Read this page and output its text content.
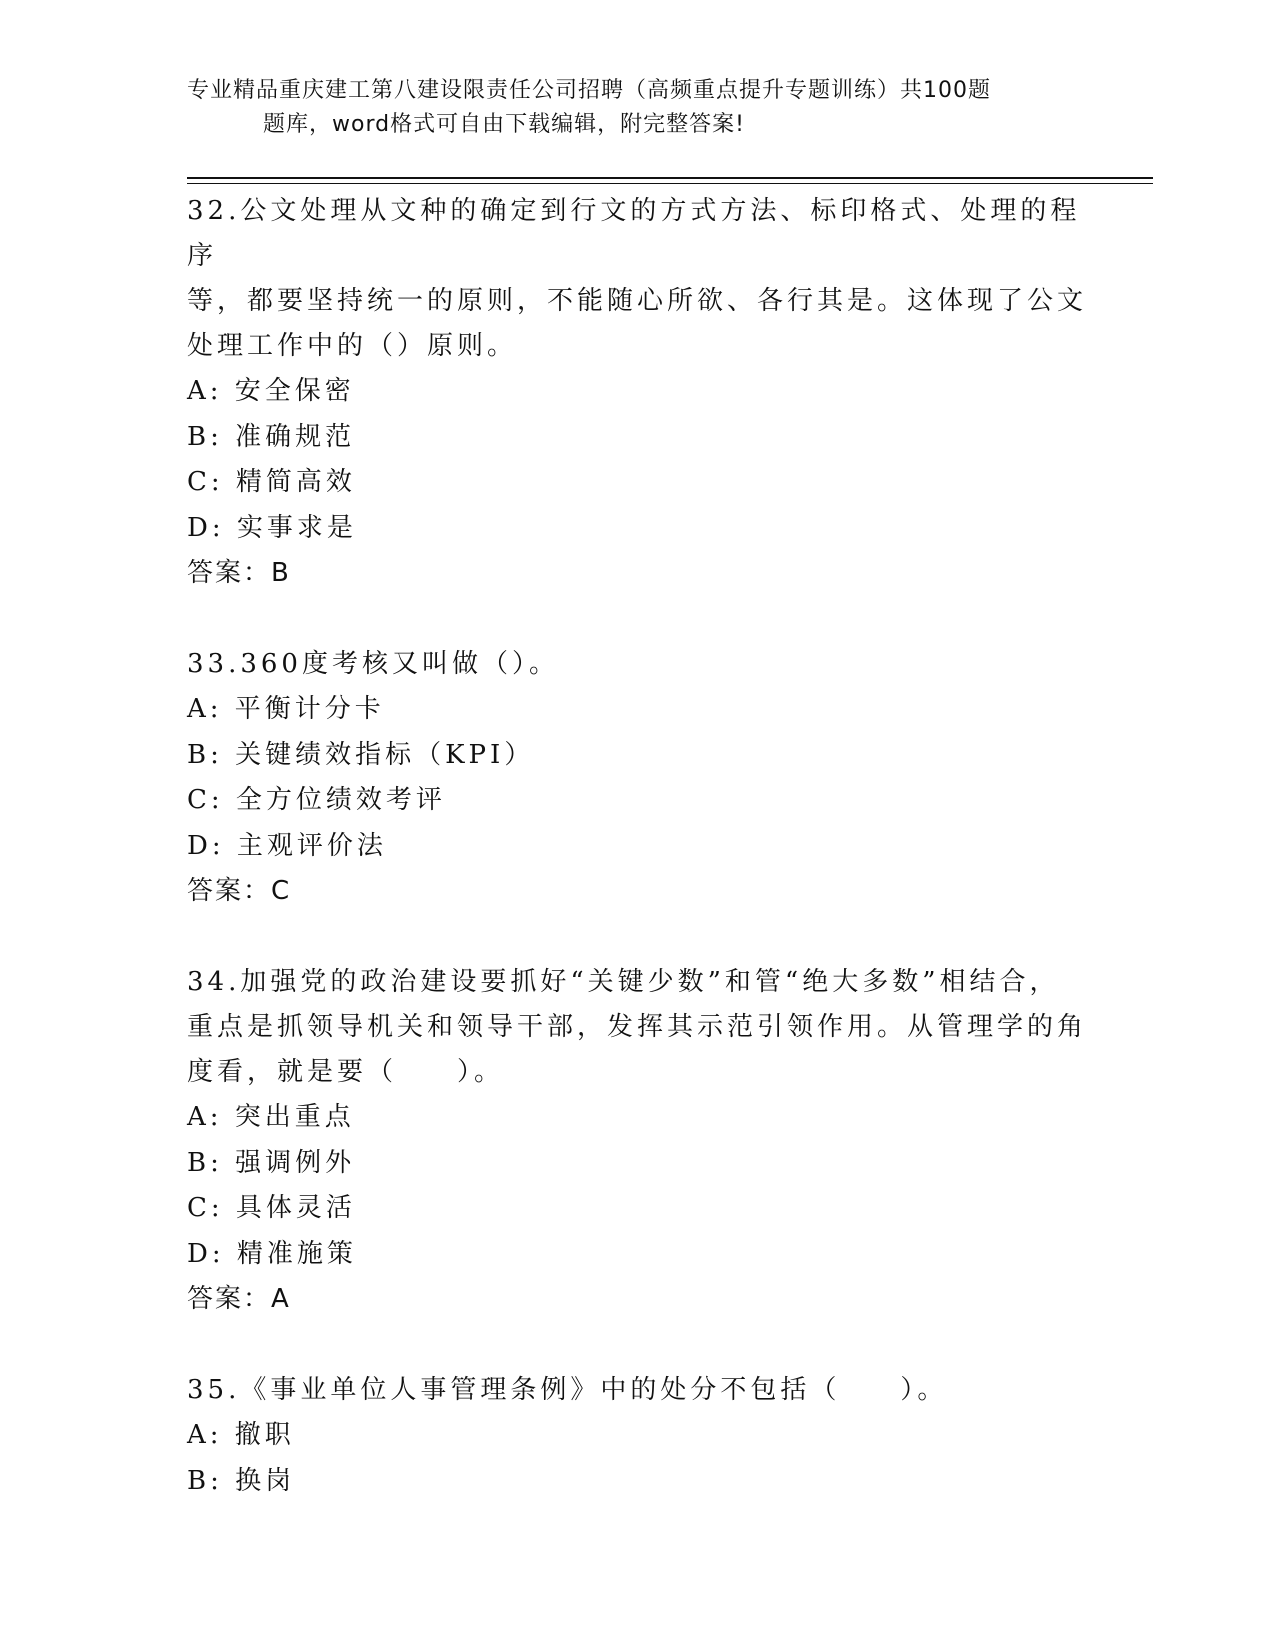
专业精品重庆建工第八建设限责任公司招聘（高频重点提升专题训练）共100题
题库，word格式可自由下载编辑，附完整答案!

32.公文处理从文种的确定到行文的方式方法、标印格式、处理的程序

等，都要坚持统一的原则，不能随心所欲、各行其是。这体现了公文

处理工作中的（）原则。

A: 安全保密

B: 准确规范

C: 精简高效

D: 实事求是

答案：B

33.360度考核又叫做（）。

A: 平衡计分卡

B: 关键绩效指标（KPI）

C: 全方位绩效考评

D: 主观评价法

答案：C

34.加强党的政治建设要抓好“关键少数”和管“绝大多数”相结合，

重点是抓领导机关和领导干部，发挥其示范引领作用。从管理学的角

度看，就是要（　　）。

A: 突出重点

B: 强调例外

C: 具体灵活

D: 精准施策

答案：A

35.《事业单位人事管理条例》中的处分不包括（　　）。

A: 撤职

B: 换岗
